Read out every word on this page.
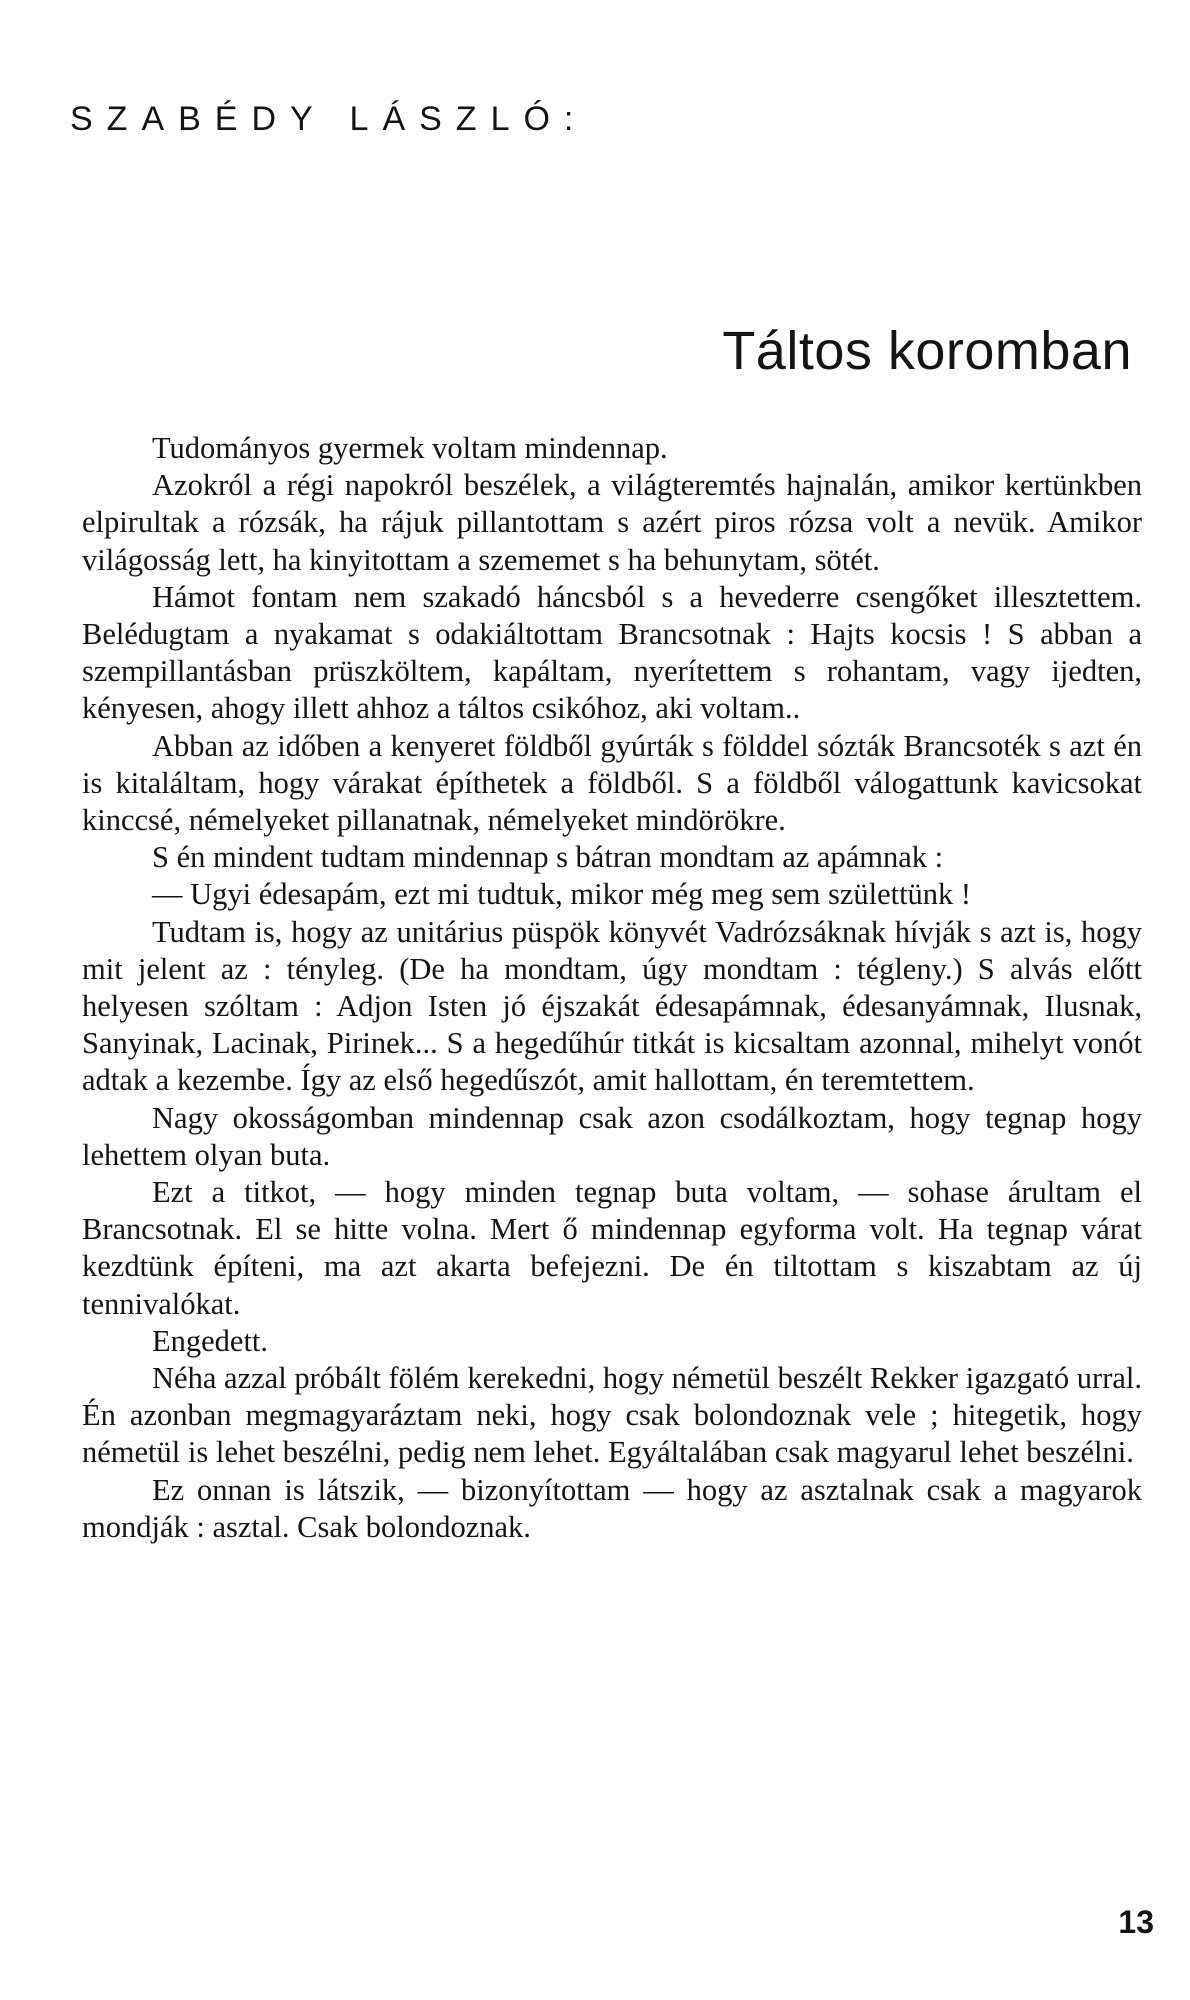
SZABÉDY LÁSZLÓ:
Táltos koromban

Tudományos gyermek voltam mindennap.

Azokról a régi napokról beszélek, a világteremtés hajnalán, amikor kertünkben elpirultak a rózsák, ha rájuk pillantottam s azért piros rózsa volt a nevük. Amikor világosság lett, ha kinyitottam a szememet s ha behunytam, sötét.

Hámot fontam nem szakadó háncsból s a hevederre csengőket illesztettem. Belédugtam a nyakamat s odakiáltottam Brancsotnak : Hajts kocsis ! S abban a szempillantásban prüszköltem, kapáltam, nyerítettem s rohantam, vagy ijedten, kényesen, ahogy illett ahhoz a táltos csikóhoz, aki voltam..

Abban az időben a kenyeret földből gyúrták s földdel sózták Brancsoték s azt én is kitaláltam, hogy várakat építhetek a földből. S a földből válogattunk kavicsokat kinccsé, némelyeket pillanatnak, némelyeket mindörökre.

S én mindent tudtam mindennap s bátran mondtam az apámnak :

— Ugyi édesapám, ezt mi tudtuk, mikor még meg sem születtünk !

Tudtam is, hogy az unitárius püspök könyvét Vadrózsáknak hívják s azt is, hogy mit jelent az : tényleg. (De ha mondtam, úgy mondtam : tégleny.) S alvás előtt helyesen szóltam : Adjon Isten jó éjszakát édesapámnak, édesanyámnak, Ilusnak, Sanyinak, Lacinak, Pirinek... S a hegedűhúr titkát is kicsaltam azonnal, mihelyt vonót adtak a kezembe. Így az első hegedűszót, amit hallottam, én teremtettem.

Nagy okosságomban mindennap csak azon csodálkoztam, hogy tegnap hogy lehettem olyan buta.

Ezt a titkot, — hogy minden tegnap buta voltam, — sohase árultam el Brancsotnak. El se hitte volna. Mert ő mindennap egyforma volt. Ha tegnap várat kezdtünk építeni, ma azt akarta befejezni. De én tiltottam s kiszabtam az új tennivalókat.

Engedett.

Néha azzal próbált fölém kerekedni, hogy németül beszélt Rekker igazgató urral. Én azonban megmagyaráztam neki, hogy csak bolondoznak vele ; hitegetik, hogy németül is lehet beszélni, pedig nem lehet. Egyáltalában csak magyarul lehet beszélni.

Ez onnan is látszik, — bizonyítottam — hogy az asztalnak csak a magyarok mondják : asztal. Csak bolondoznak.

13
